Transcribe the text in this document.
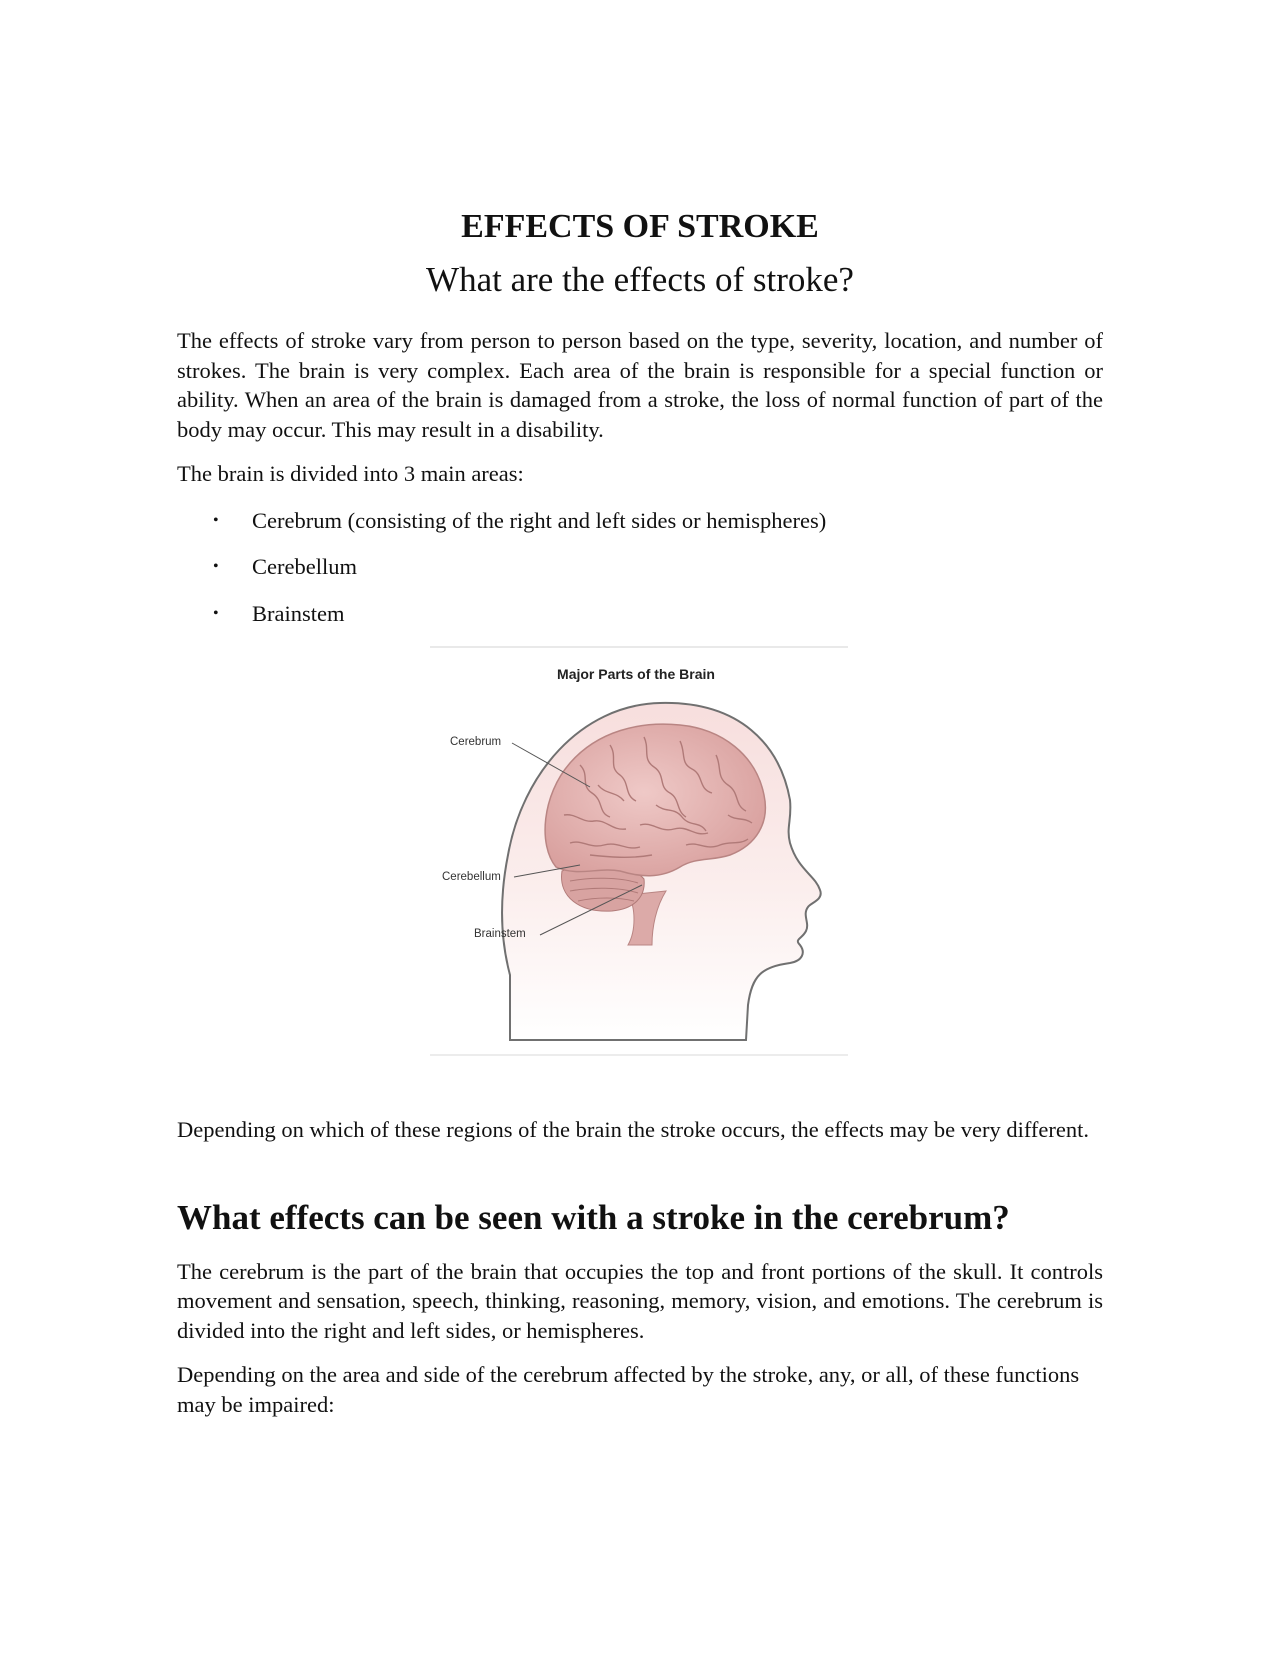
EFFECTS OF STROKE
What are the effects of stroke?

The effects of stroke vary from person to person based on the type, severity, location, and number of strokes. The brain is very complex. Each area of the brain is responsible for a special function or ability. When an area of the brain is damaged from a stroke, the loss of normal function of part of the body may occur. This may result in a disability.

The brain is divided into 3 main areas:

• Cerebrum (consisting of the right and left sides or hemispheres)
• Cerebellum
• Brainstem
Major Parts of the Brain
Cerebrum
Cerebellum
Brainstem

Depending on which of these regions of the brain the stroke occurs, the effects may be very different.

What effects can be seen with a stroke in the cerebrum?

The cerebrum is the part of the brain that occupies the top and front portions of the skull. It controls movement and sensation, speech, thinking, reasoning, memory, vision, and emotions. The cerebrum is divided into the right and left sides, or hemispheres.

Depending on the area and side of the cerebrum affected by the stroke, any, or all, of these functions may be impaired:
